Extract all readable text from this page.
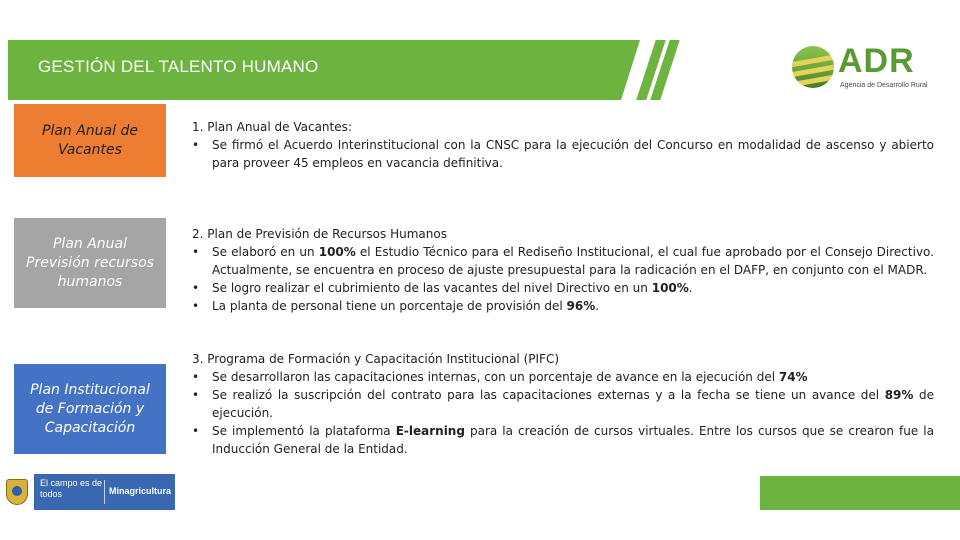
GESTIÓN DEL TALENTO HUMANO	ADR
Agencia de Desarrollo Rural
Plan Anual de Vacantes
Plan Anual Previsión recursos humanos
Plan Institucional de Formación y Capacitación
1. Plan Anual de Vacantes:
• Se firmó el Acuerdo Interinstitucional con la CNSC para la ejecución del Concurso en modalidad de ascenso y abierto para proveer 45 empleos en vacancia definitiva.
2. Plan de Previsión de Recursos Humanos
• Se elaboró en un 100% el Estudio Técnico para el Rediseño Institucional, el cual fue aprobado por el Consejo Directivo. Actualmente, se encuentra en proceso de ajuste presupuestal para la radicación en el DAFP, en conjunto con el MADR.
• Se logro realizar el cubrimiento de las vacantes del nivel Directivo en un 100%.
• La planta de personal tiene un porcentaje de provisión del 96%.
3. Programa de Formación y Capacitación Institucional (PIFC)
• Se desarrollaron las capacitaciones internas, con un porcentaje de avance en la ejecución del 74%
• Se realizó la suscripción del contrato para las capacitaciones externas y a la fecha se tiene un avance del 89% de ejecución.
• Se implementó la plataforma E-learning para la creación de cursos virtuales. Entre los cursos que se crearon fue la Inducción General de la Entidad.
El campo es de todos	Minagricultura
